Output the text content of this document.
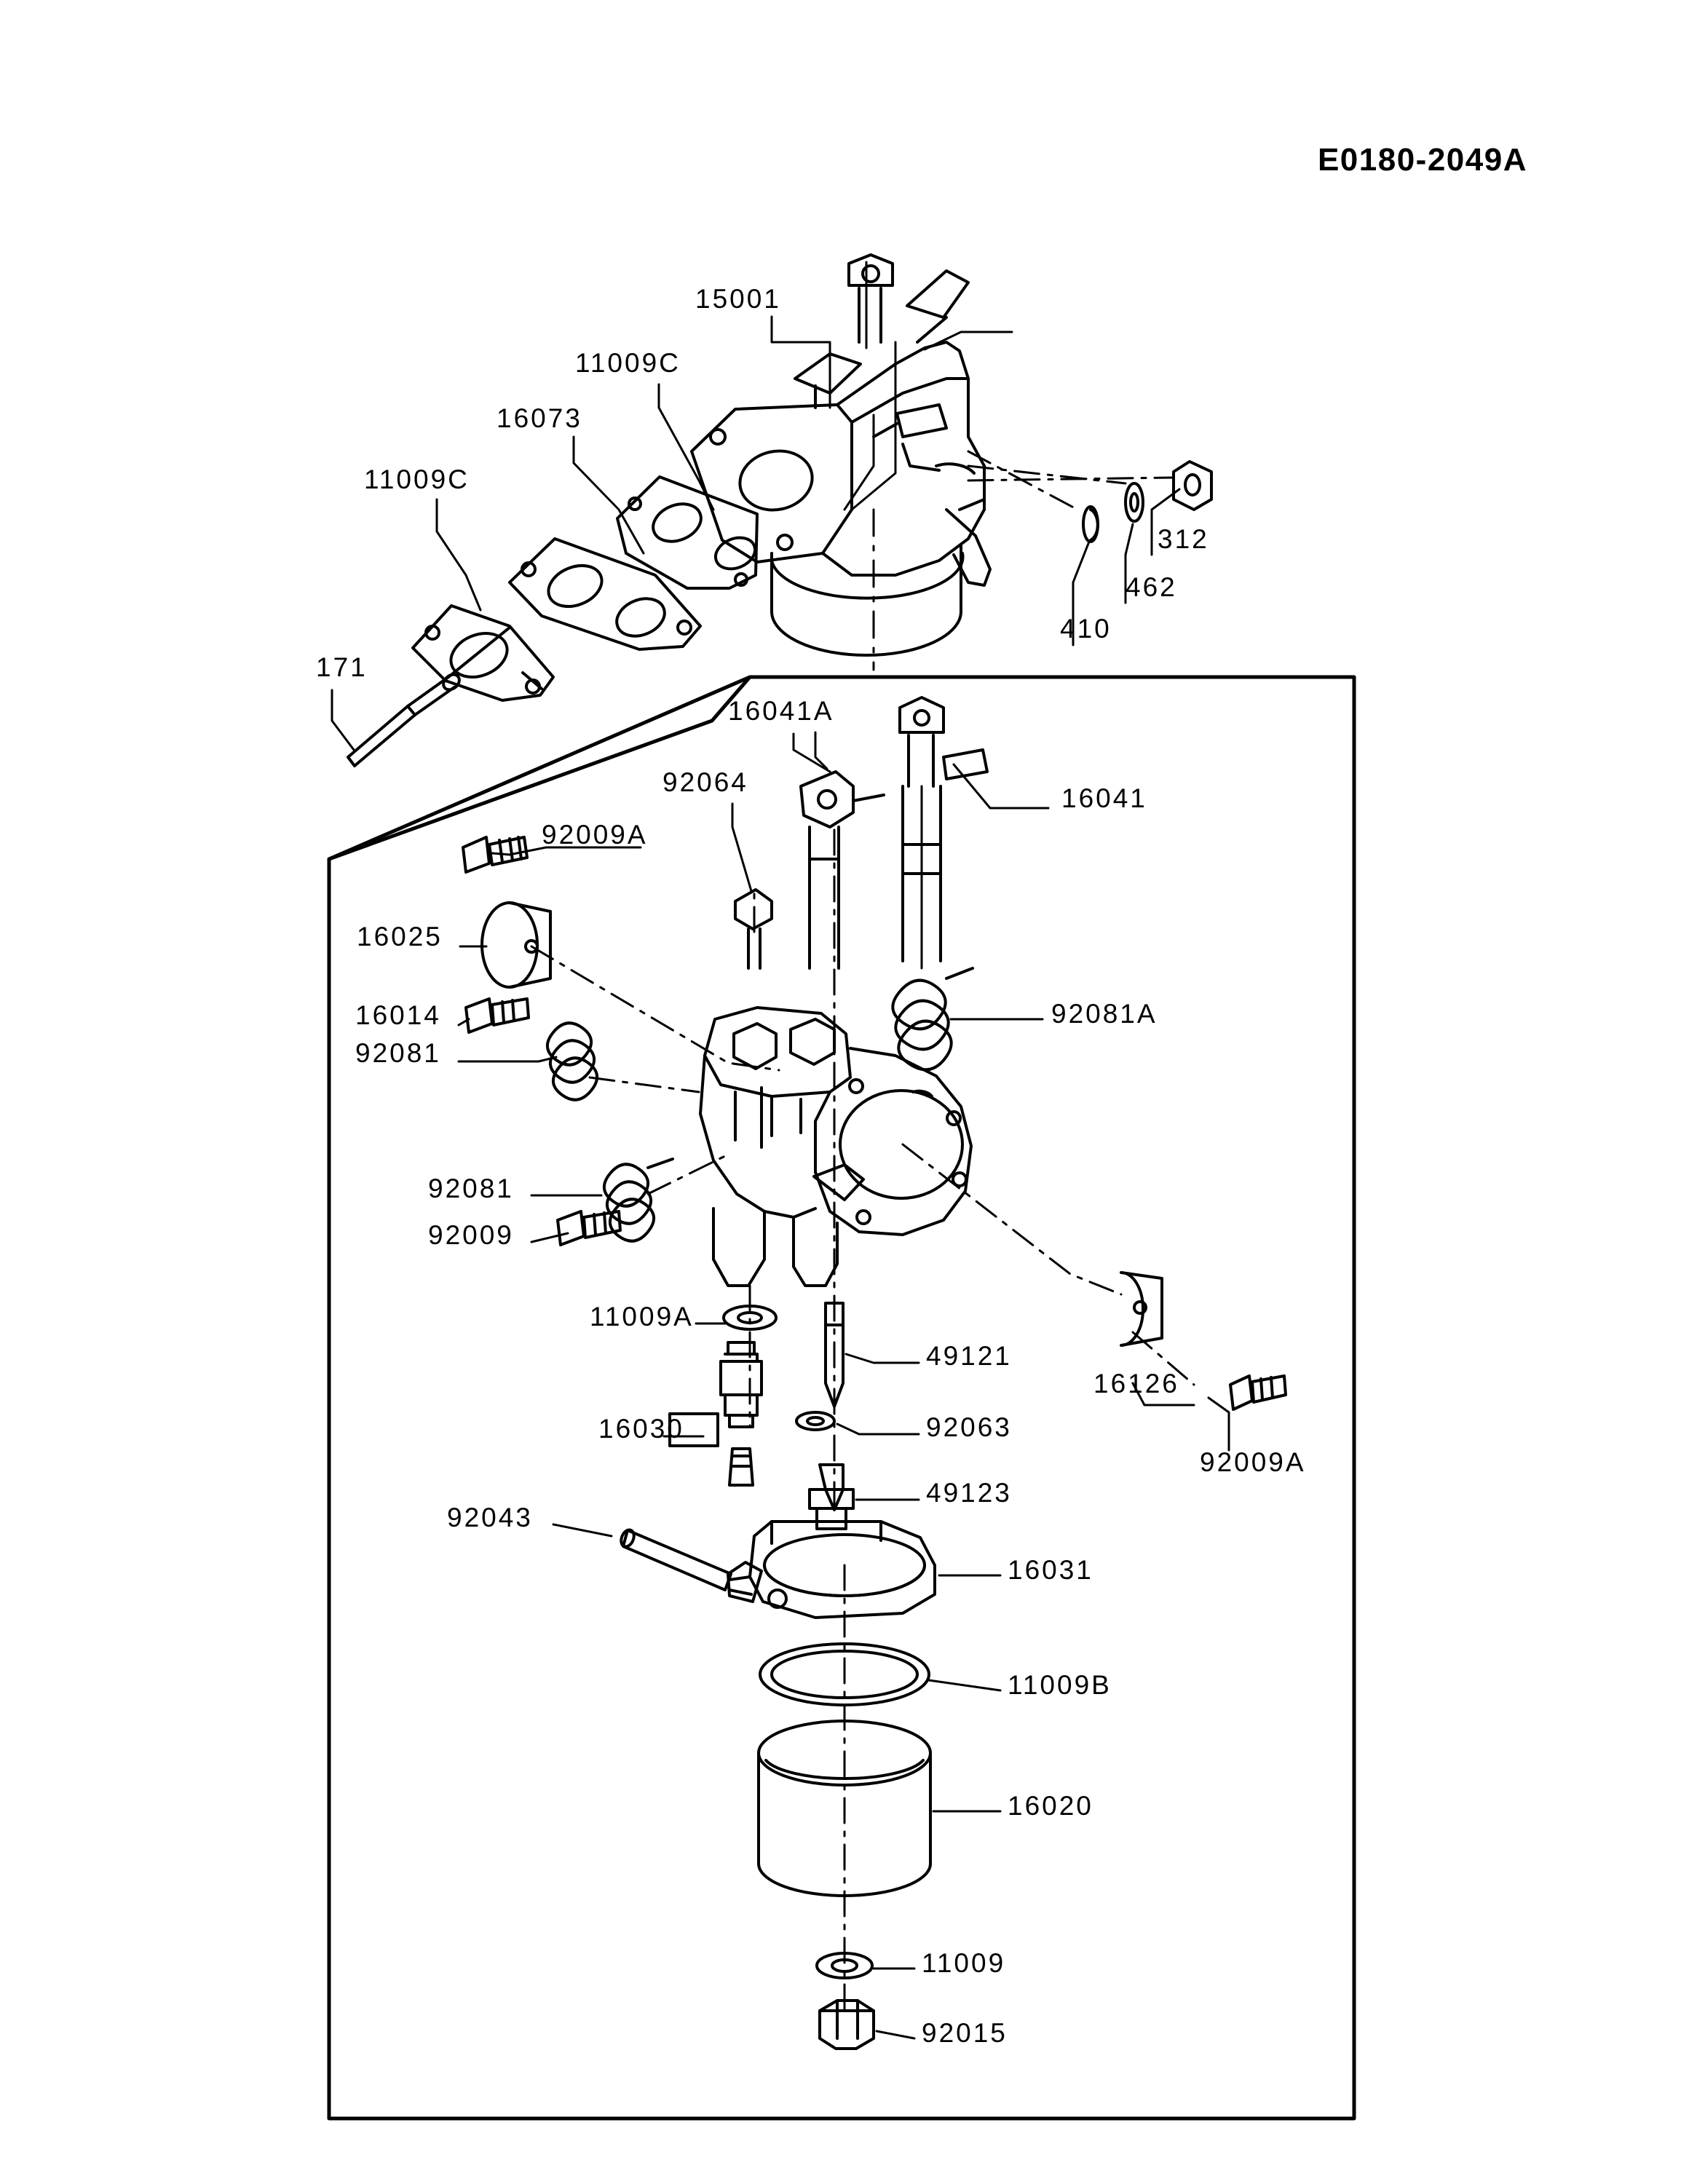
E0180-2049A
15001
11009C
16073
11009C
171
312
462
410
16041A
92064
16041
92009A
16025
92081A
16014
92081
92081
92009
11009A
49121
16030	92063
16126
92009A
49123
92043
16031
11009B
16020
11009
92015
